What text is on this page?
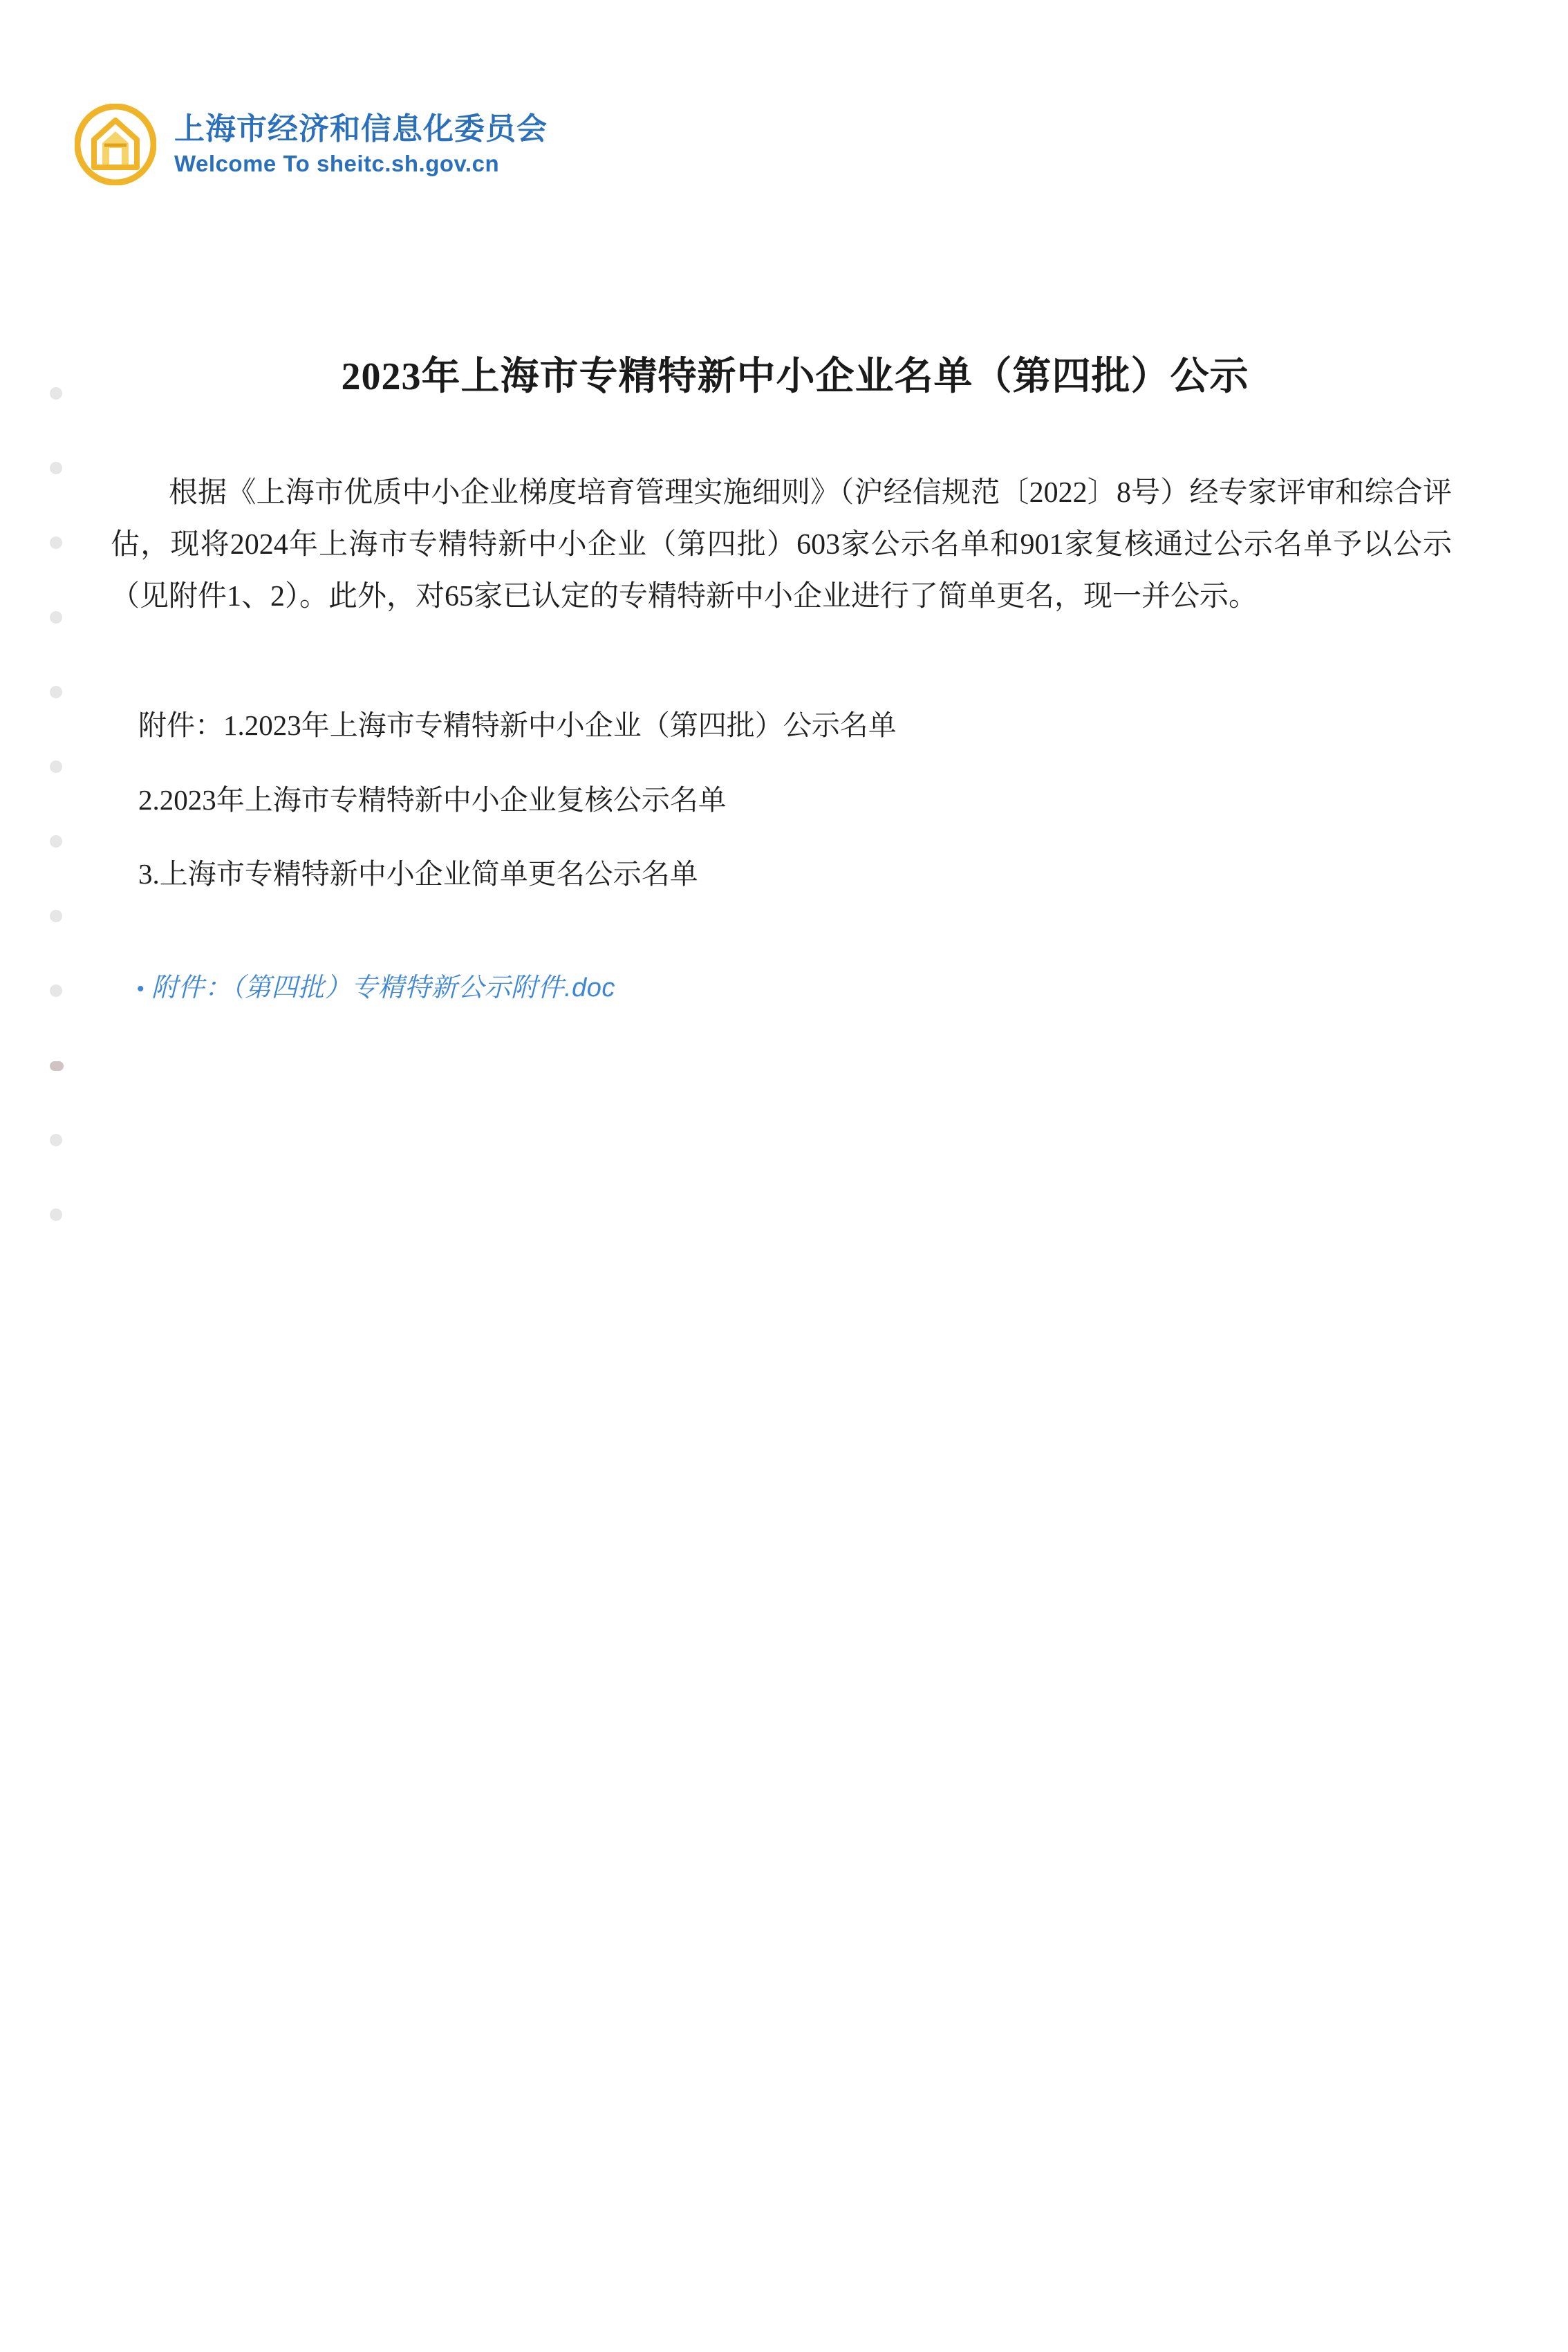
上海市经济和信息化委员会
Welcome To sheitc.sh.gov.cn
2023年上海市专精特新中小企业名单（第四批）公示

根据《上海市优质中小企业梯度培育管理实施细则》（沪经信规范〔2022〕8号）经专家评审和综合评估，现将2024年上海市专精特新中小企业（第四批）603家公示名单和901家复核通过公示名单予以公示（见附件1、2）。此外，对65家已认定的专精特新中小企业进行了简单更名，现一并公示。

附件：1.2023年上海市专精特新中小企业（第四批）公示名单

2.2023年上海市专精特新中小企业复核公示名单

3.上海市专精特新中小企业简单更名公示名单

• 附件：（第四批）专精特新公示附件.doc
